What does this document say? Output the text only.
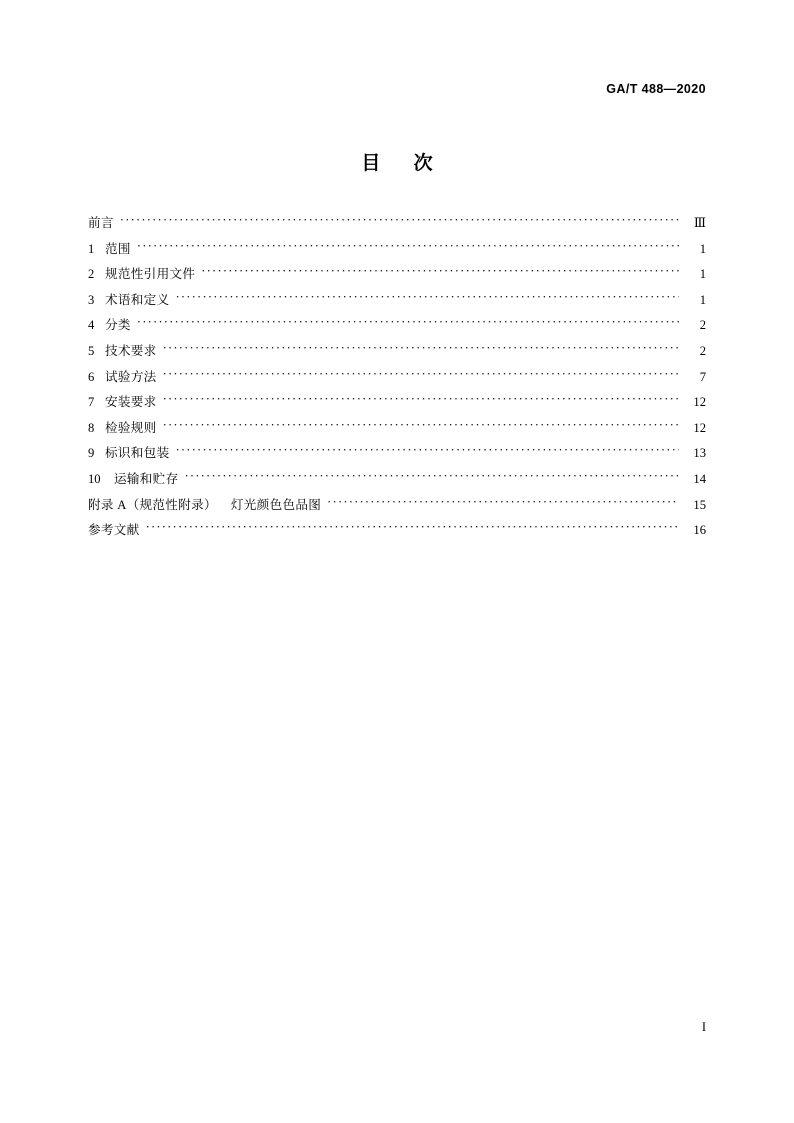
GA/T 488—2020
目 次
前言 ·····	Ⅲ
1 范围 ·····	1
2 规范性引用文件 ·····	1
3 术语和定义 ·····	1
4 分类 ·····	2
5 技术要求 ·····	2
6 试验方法 ·····	7
7 安装要求 ·····	12
8 检验规则 ·····	12
9 标识和包装 ·····	13
10	运输和贮存 ·····	14
附录 A（规范性附录） 灯光颜色色品图 ·····	15
参考文献 ·····	16
I
